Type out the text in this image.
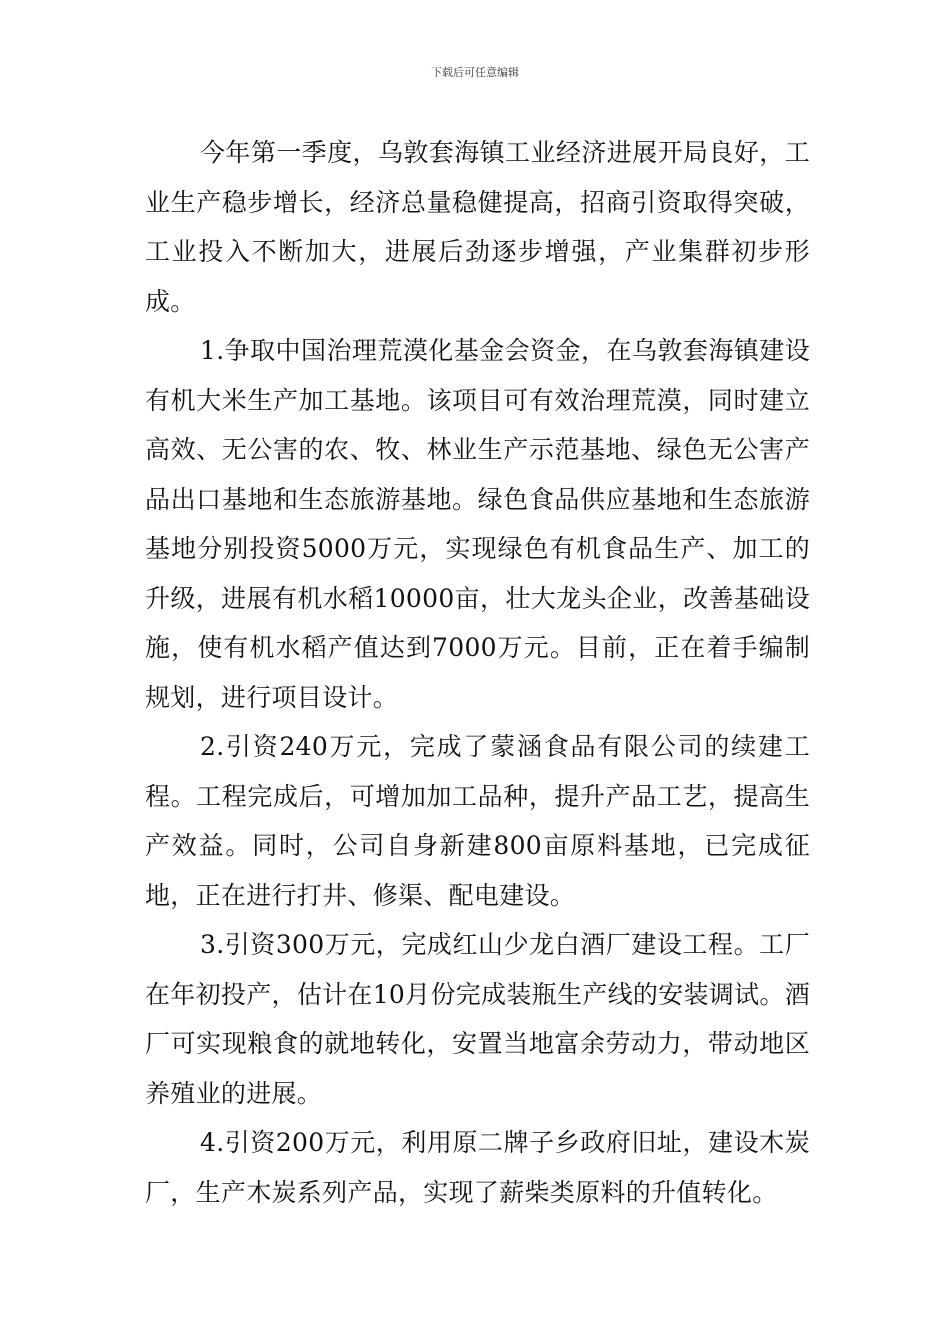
下载后可任意编辑

今年第一季度，乌敦套海镇工业经济进展开局良好，工业生产稳步增长，经济总量稳健提高，招商引资取得突破，工业投入不断加大，进展后劲逐步增强，产业集群初步形成。

1.争取中国治理荒漠化基金会资金，在乌敦套海镇建设有机大米生产加工基地。该项目可有效治理荒漠，同时建立高效、无公害的农、牧、林业生产示范基地、绿色无公害产品出口基地和生态旅游基地。绿色食品供应基地和生态旅游基地分别投资5000万元，实现绿色有机食品生产、加工的升级，进展有机水稻10000亩，壮大龙头企业，改善基础设施，使有机水稻产值达到7000万元。目前，正在着手编制规划，进行项目设计。

2.引资240万元，完成了蒙涵食品有限公司的续建工程。工程完成后，可增加加工品种，提升产品工艺，提高生产效益。同时，公司自身新建800亩原料基地，已完成征地，正在进行打井、修渠、配电建设。

3.引资300万元，完成红山少龙白酒厂建设工程。工厂在年初投产，估计在10月份完成装瓶生产线的安装调试。酒厂可实现粮食的就地转化，安置当地富余劳动力，带动地区养殖业的进展。

4.引资200万元，利用原二牌子乡政府旧址，建设木炭厂，生产木炭系列产品，实现了薪柴类原料的升值转化。
